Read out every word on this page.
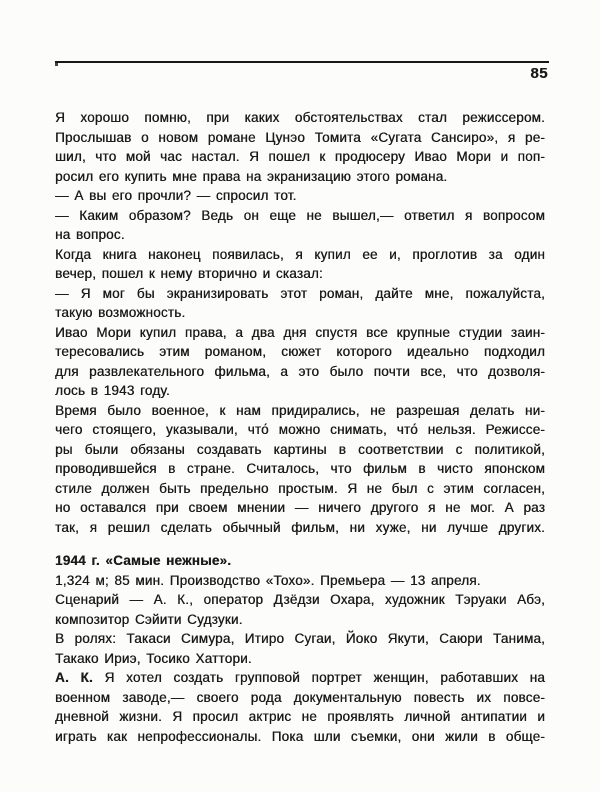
85
Я хорошо помню, при каких обстоятельствах стал режиссером.
Прослышав о новом романе Цунэо Томита «Сугата Сансиро», я ре-
шил, что мой час настал. Я пошел к продюсеру Ивао Мори и поп-
росил его купить мне права на экранизацию этого романа.
— А вы его прочли? — спросил тот.
— Каким образом? Ведь он еще не вышел,— ответил я вопросом
на вопрос.
Когда книга наконец появилась, я купил ее и, проглотив за один
вечер, пошел к нему вторично и сказал:
— Я мог бы экранизировать этот роман, дайте мне, пожалуйста,
такую возможность.
Ивао Мори купил права, а два дня спустя все крупные студии заин-
тересовались этим романом, сюжет которого идеально подходил
для развлекательного фильма, а это было почти все, что дозволя-
лось в 1943 году.
Время было военное, к нам придирались, не разрешая делать ни-
чего стоящего, указывали, что́ можно снимать, что́ нельзя. Режиссе-
ры были обязаны создавать картины в соответствии с политикой,
проводившейся в стране. Считалось, что фильм в чисто японском
стиле должен быть предельно простым. Я не был с этим согласен,
но оставался при своем мнении — ничего другого я не мог. А раз
так, я решил сделать обычный фильм, ни хуже, ни лучше других.
1944 г. «Самые нежные».
1,324 м; 85 мин. Производство «Тохо». Премьера — 13 апреля.
Сценарий — А. К., оператор Дзёдзи Охара, художник Тэруаки Абэ,
композитор Сэйити Судзуки.
В ролях: Такаси Симура, Итиро Сугаи, Йоко Якути, Саюри Танима,
Такако Ириэ, Тосико Хаттори.
А. К. Я хотел создать групповой портрет женщин, работавших на
военном заводе,— своего рода документальную повесть их повсе-
дневной жизни. Я просил актрис не проявлять личной антипатии и
играть как непрофессионалы. Пока шли съемки, они жили в обще-
